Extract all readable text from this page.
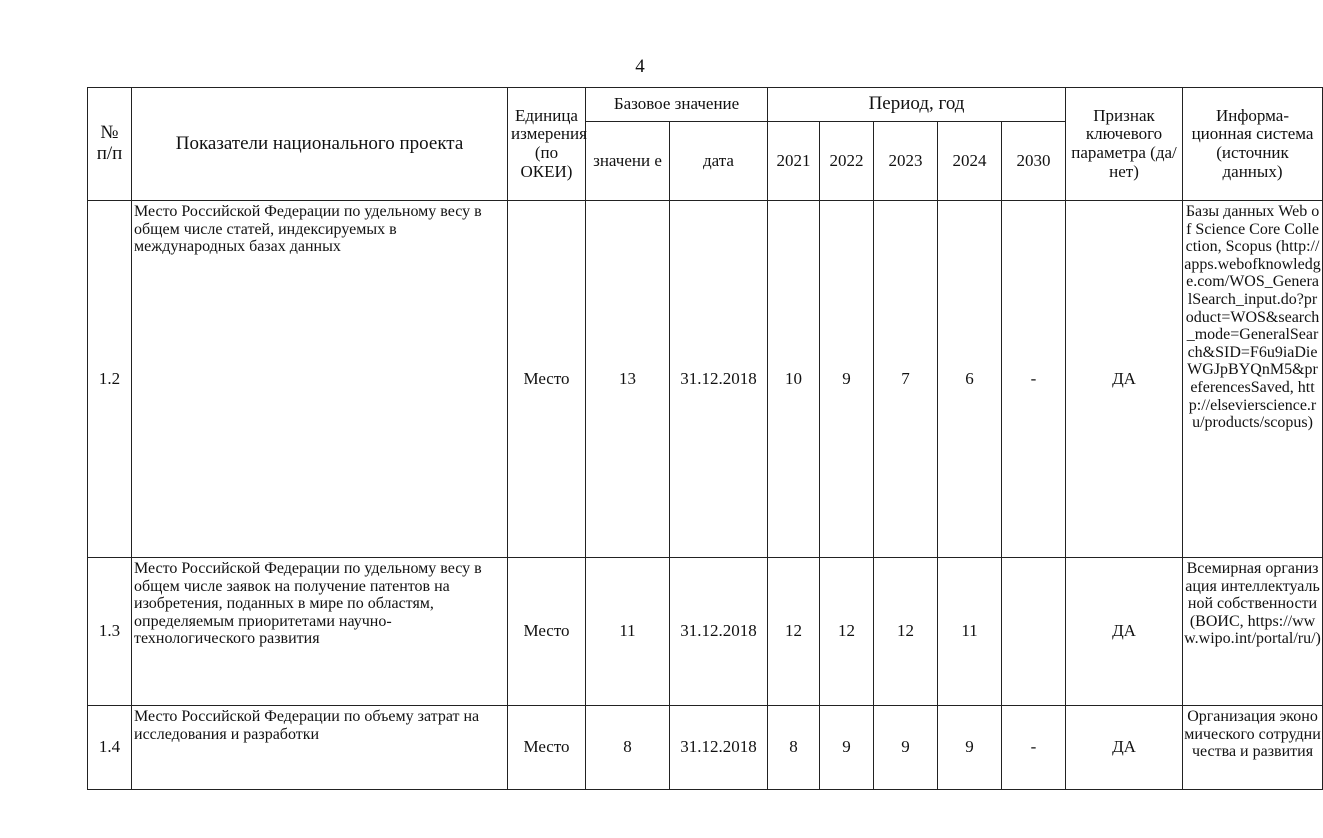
4
№ п/п	Показатели национального проекта	Единица измерения (по ОКЕИ)	Базовое значение		Период, год					Признак ключевого параметра (да/нет)	Информа-ционная система (источник данных)
			значени е	дата	2021	2022	2023	2024	2030		
1.2	Место Российской Федерации по удельному весу в общем числе статей, индексируемых в международных базах данных	Место	13	31.12.2018	10	9	7	6	-	ДА	Базы данных Web of Science Core Collection, Scopus (http://apps.webofknowledge.com/WOS_GeneralSearch_input.do?product=WOS&search_mode=GeneralSearch&SID=F6u9iaDieWGJpBYQnM5&preferencesSaved, http://elsevierscience.ru/products/scopus)
1.3	Место Российской Федерации по удельному весу в общем числе заявок на получение патентов на изобретения, поданных в мире по областям, определяемым приоритетами научно-технологического развития	Место	11	31.12.2018	12	12	12	11		ДА	Всемирная организация интеллектуальной собственности (ВОИС, https://www.wipo.int/portal/ru/)
1.4	Место Российской Федерации по объему затрат на исследования и разработки	Место	8	31.12.2018	8	9	9	9	-	ДА	Организация экономического сотрудничества и развития
